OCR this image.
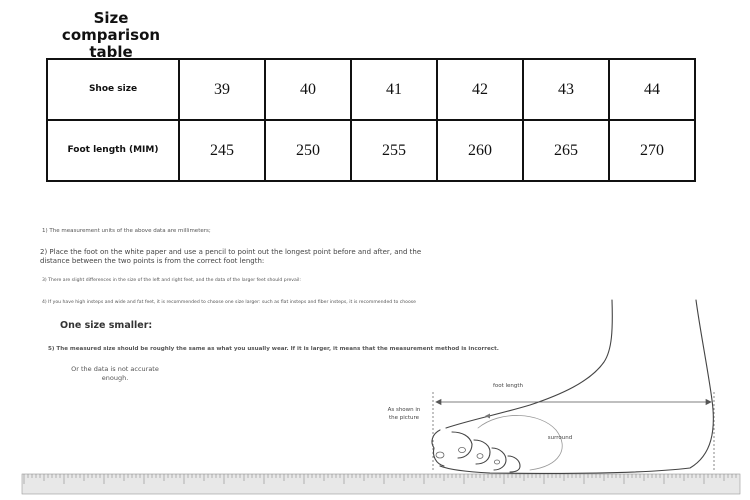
Size comparison table
Shoe size	39	40	41	42	43	44

Foot length (MIM)	245	250	255	260	265	270
1) The measurement units of the above data are millimeters;
2) Place the foot on the white paper and use a pencil to point out the longest point before and after, and the distance between the two points is from the correct foot length:
3) There are slight differences in the size of the left and right feet, and the data of the larger feet should prevail:
4) If you have high insteps and wide and fat feet, it is recommended to choose one size larger: such as flat insteps and fiber insteps, it is recommended to choose
One size smaller:
5) The measured size should be roughly the same as what you usually wear. If it is larger, it means that the measurement method is incorrect.
Or the data is not accurate enough.
foot length
As shown in the picture
surround
